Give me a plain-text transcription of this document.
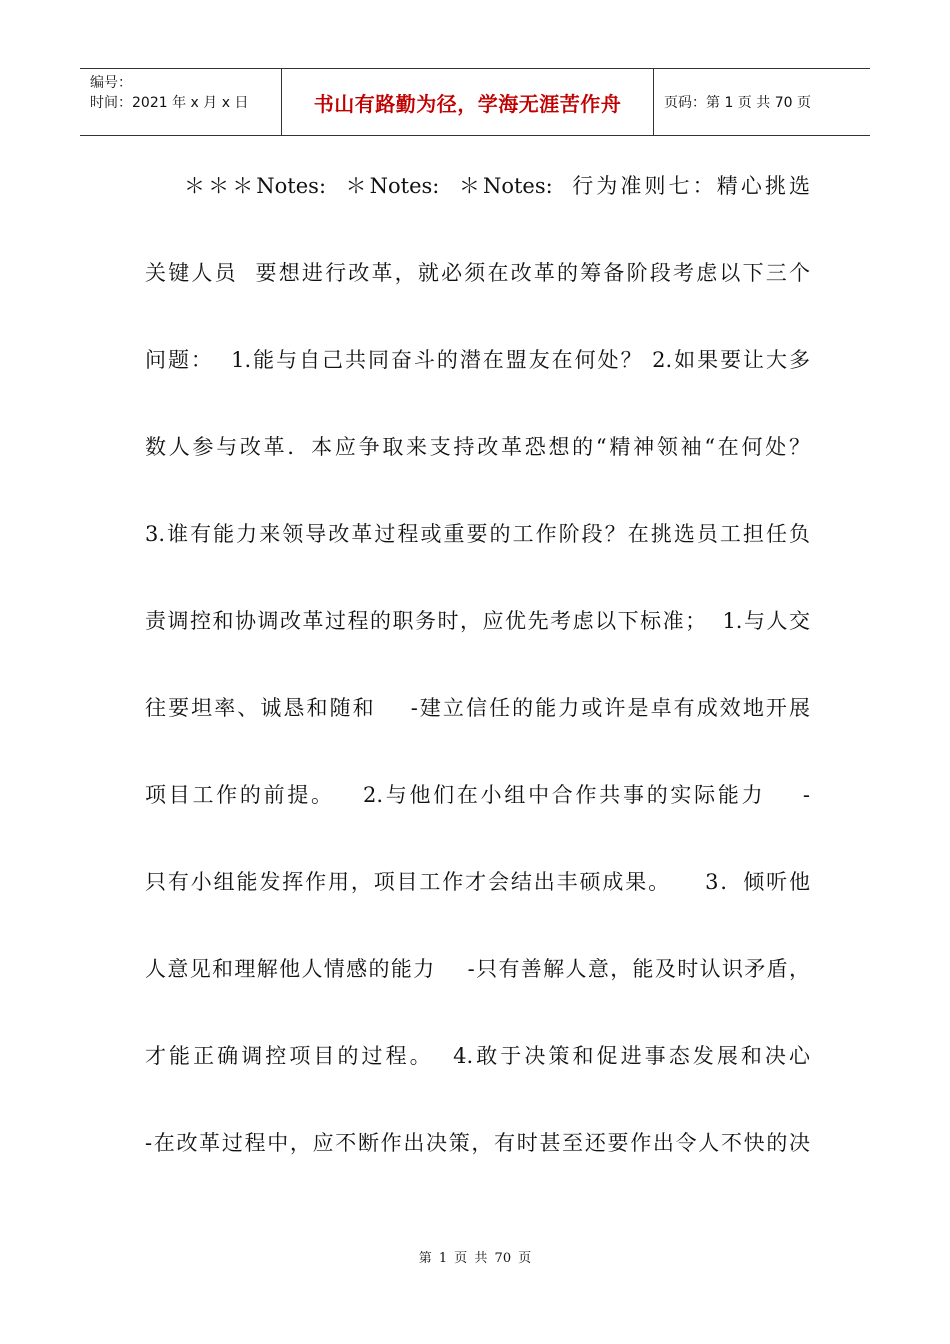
编号：
时间：2021 年 x 月 x 日	书山有路勤为径，学海无涯苦作舟	页码：第 1 页 共 70 页
＊＊＊Notes:  ＊Notes:  ＊Notes:  行为准则七：精心挑选
关键人员  要想进行改革，就必须在改革的筹备阶段考虑以下三个
问题：  1.能与自己共同奋斗的潜在盟友在何处？ 2.如果要让大多
数人参与改革．本应争取来支持改革恐想的“精神领袖“在何处？
3.谁有能力来领导改革过程或重要的工作阶段？在挑选员工担任负
责调控和协调改革过程的职务时，应优先考虑以下标准；  1.与人交
往要坦率、诚恳和随和    -建立信任的能力或许是卓有成效地开展
项目工作的前提。   2.与他们在小组中合作共事的实际能力    -
只有小组能发挥作用，项目工作才会结出丰硕成果。    3．倾听他
人意见和理解他人情感的能力    -只有善解人意，能及时认识矛盾，
才能正确调控项目的过程。  4.敢于决策和促进事态发展和决心
-在改革过程中，应不断作出决策，有时甚至还要作出令人不快的决
第 1 页 共 70 页
